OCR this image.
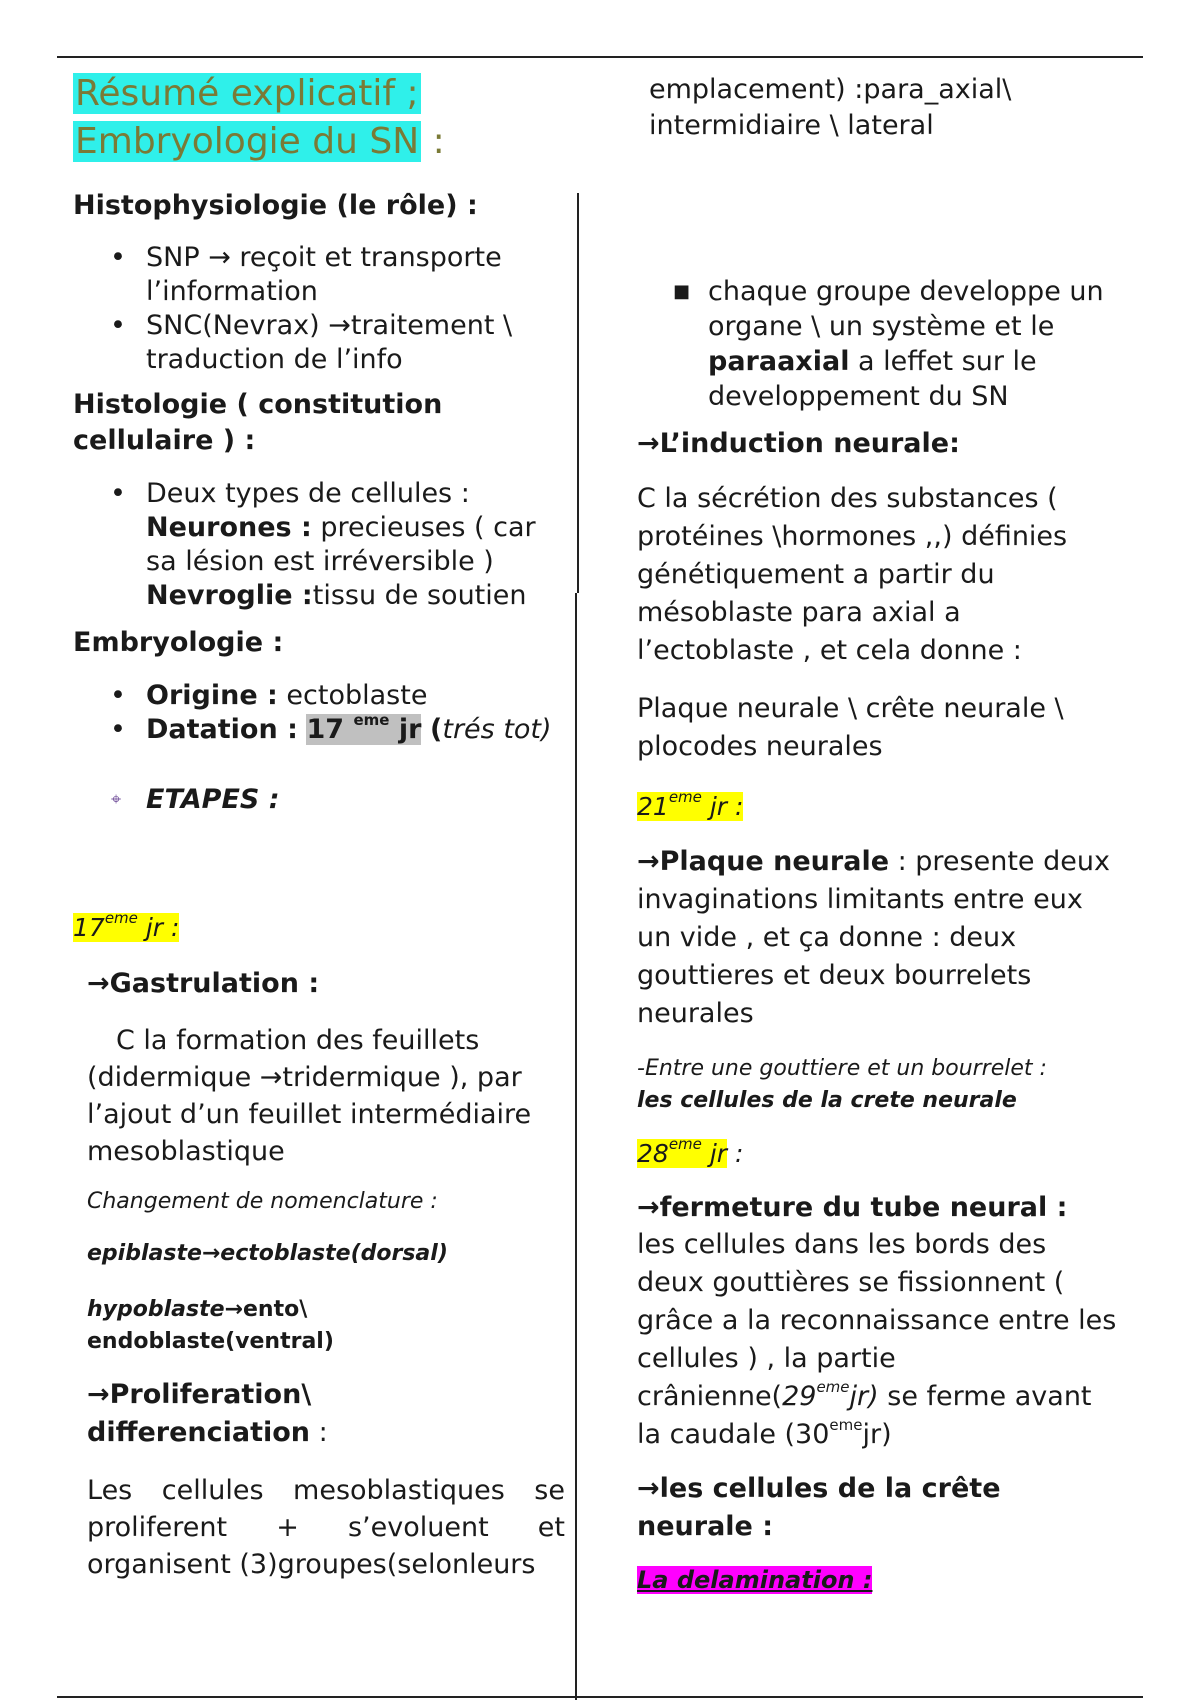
Résumé explicatif ;
Embryologie du SN :

Histophysiologie (le rôle) :

• SNP → reçoit et transporte l’information
• SNC(Nevrax) →traitement \ traduction de l’info

Histologie ( constitution cellulaire ) :

• Deux types de cellules :
Neurones : precieuses ( car sa lésion est irréversible )
Nevroglie :tissu de soutien

Embryologie :

• Origine : ectoblaste
• Datation : 17 $^{eme}$ jr (trés tot)
⌖ ETAPES :
17eme jr :

→Gastrulation :

C la formation des feuillets (didermique →tridermique ), par l’ajout d’un feuillet intermédiaire mesoblastique

Changement de nomenclature :

epiblaste→ectoblaste(dorsal)

hypoblaste→ento\
endoblaste(ventral)

→Proliferation\
differenciation :

Les cellules mesoblastiques se proliferent + s’evoluent et organisent (3)groupes(selonleurs

emplacement) :para_axial\ intermidiaire \ lateral

■ chaque groupe developpe un organe \ un système et le paraaxial a leffet sur le developpement du SN

→L’induction neurale:

C la sécrétion des substances ( protéines \hormones ,,) définies génétiquement a partir du mésoblaste para axial a l’ectoblaste , et cela donne :

Plaque neurale \ crête neurale \ plocodes neurales

21eme jr :

→Plaque neurale : presente deux invaginations limitants entre eux un vide , et ça donne : deux gouttieres et deux bourrelets neurales

-Entre une gouttiere et un bourrelet :

les cellules de la crete neurale

28eme jr :

→fermeture du tube neural :

les cellules dans les bords des deux gouttières se fissionnent ( grâce a la reconnaissance entre les cellules ) , la partie crânienne(29emejr) se ferme avant la caudale (30emejr)

→les cellules de la crête neurale :

La delamination :
